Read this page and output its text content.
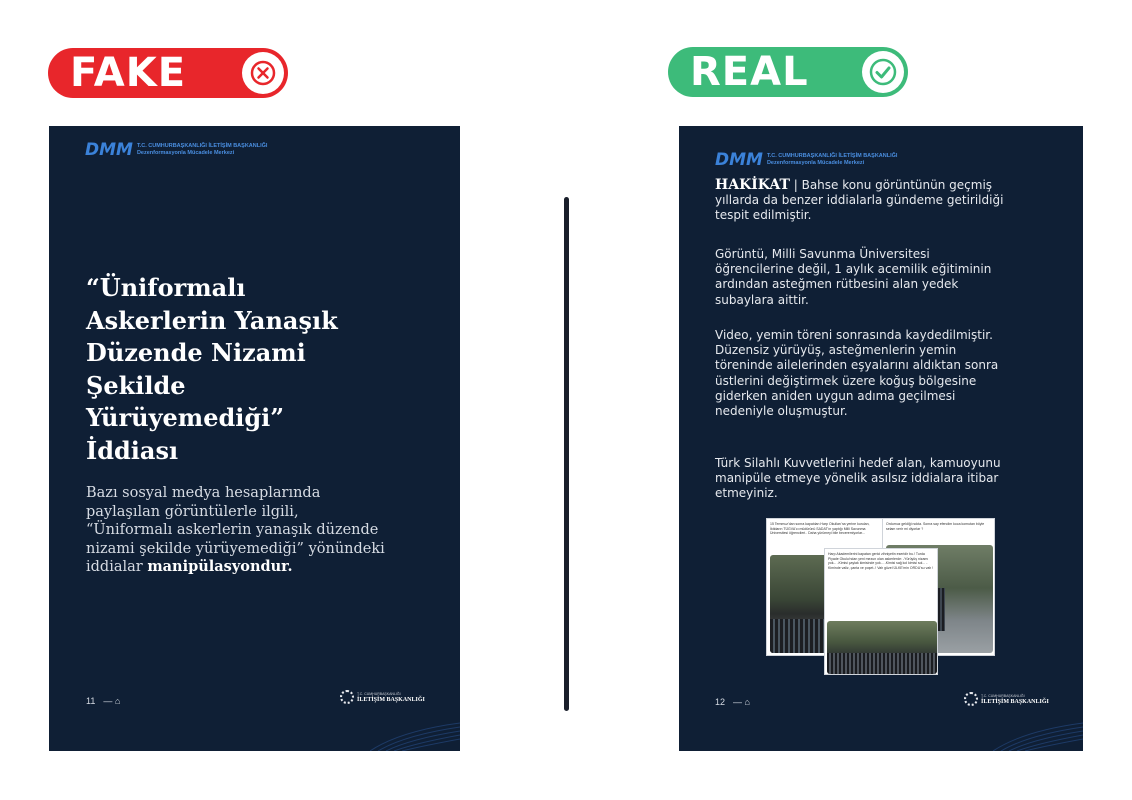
FAKE	REAL
DMM T.C. CUMHURBAŞKANLIĞI İLETİŞİM BAŞKANLIĞI
Dezenformasyonla Mücadele Merkezi
“Üniformalı Askerlerin Yanaşık Düzende Nizami Şekilde Yürüyemediği” İddiası
Bazı sosyal medya hesaplarında paylaşılan görüntülerle ilgili, “Üniformalı askerlerin yanaşık düzende nizami şekilde yürüyemediği” yönündeki iddialar manipülasyondur.
11 — ⌂
T.C. CUMHURBAŞKANLIĞI
İLETİŞİM BAŞKANLIĞI
DMM T.C. CUMHURBAŞKANLIĞI İLETİŞİM BAŞKANLIĞI
Dezenformasyonla Mücadele Merkezi
HAKİKAT | Bahse konu görüntünün geçmiş yıllarda da benzer iddialarla gündeme getirildiği tespit edilmiştir.
Görüntü, Milli Savunma Üniversitesi öğrencilerine değil, 1 aylık acemilik eğitiminin ardından asteğmen rütbesini alan yedek subaylara aittir.
Video, yemin töreni sonrasında kaydedilmiştir. Düzensiz yürüyüş, asteğmenlerin yemin töreninde ailelerinden eşyalarını aldıktan sonra üstlerini değiştirmek üzere koğuş bölgesine giderken aniden uygun adıma geçilmesi nedeniyle oluşmuştur.
Türk Silahlı Kuvvetlerini hedef alan, kamuoyunu manipüle etmeye yönelik asılsız iddialara itibar etmeyiniz.
15 Temmuz'dan sonra kapatılan Harp Okulları'na yerine kurulan, İktidarın TÜGVA'cı müdürünü SADAT'ın yaptığı Milli Savunma Üniversitesi öğrencileri.. Daha yürümeyi bile beceremiyorlar...
Ordumuz geldiği nokta. Sonra say efendim koca komutan böyle selam verir mi diyorlar ?
Harp Akademilerini kapatan gerici zihniyetin eseridir bu.! Turda Piyade Okulu'ndan yeni mezun olan askerlerde: -Yürüyüş nizamı yok... -Kimisi çaylak kimisinde yok... -Kimisi sağ kol kimisi sol... -Kiminde valiz, çanta ve poşet..! Vah güzel ÜLKE'min ORDU'su vah !
12 — ⌂
T.C. CUMHURBAŞKANLIĞI
İLETİŞİM BAŞKANLIĞI
